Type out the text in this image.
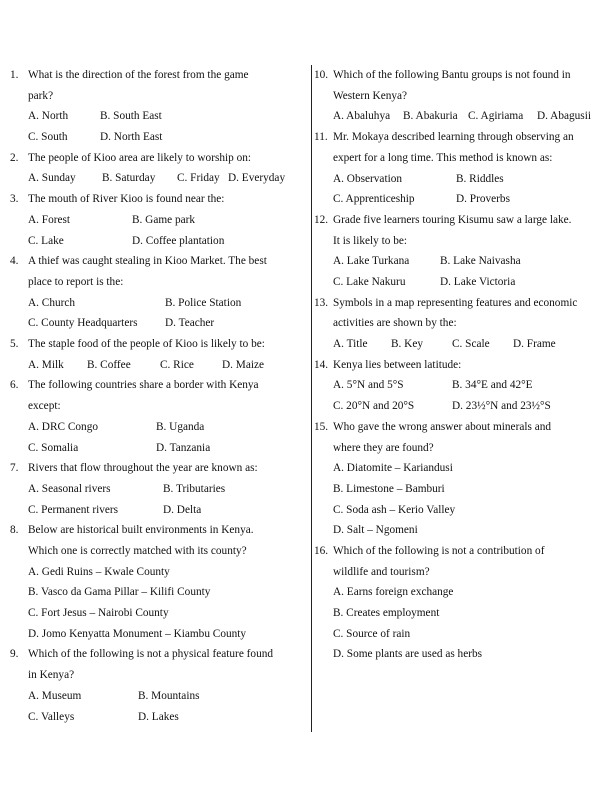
1. What is the direction of the forest from the game
park?
A. North	B. South East
C. South	D. North East
2. The people of Kioo area are likely to worship on:
A. Sunday B. Saturday C. Friday D. Everyday
3. The mouth of River Kioo is found near the:
A. Forest	B. Game park
C. Lake	D. Coffee plantation
4. A thief was caught stealing in Kioo Market. The best
place to report is the:
A. Church	B. Police Station
C. County Headquarters D. Teacher
5. The staple food of the people of Kioo is likely to be:
A. Milk B. Coffee	C. Rice D. Maize
6. The following countries share a border with Kenya
except:
A. DRC Congo	B. Uganda
C. Somalia	D. Tanzania
7. Rivers that flow throughout the year are known as:
A. Seasonal rivers	B. Tributaries
C. Permanent rivers	D. Delta
8. Below are historical built environments in Kenya.
Which one is correctly matched with its county?
A. Gedi Ruins – Kwale County
B. Vasco da Gama Pillar – Kilifi County
C. Fort Jesus – Nairobi County
D. Jomo Kenyatta Monument – Kiambu County
9. Which of the following is not a physical feature found
in Kenya?
A. Museum	B. Mountains
C. Valleys	D. Lakes
10. Which of the following Bantu groups is not found in
Western Kenya?
A. Abaluhya B. Abakuria C. Agiriama D. Abagusii
11. Mr. Mokaya described learning through observing an
expert for a long time. This method is known as:
A. Observation	B. Riddles
C. Apprenticeship	D. Proverbs
12. Grade five learners touring Kisumu saw a large lake.
It is likely to be:
A. Lake Turkana	B. Lake Naivasha
C. Lake Nakuru	D. Lake Victoria
13. Symbols in a map representing features and economic
activities are shown by the:
A. Title B. Key	C. Scale D. Frame
14. Kenya lies between latitude:
A. 5°N and 5°S	B. 34°E and 42°E
C. 20°N and 20°S	D. 23½°N and 23½°S
15. Who gave the wrong answer about minerals and
where they are found?
A. Diatomite – Kariandusi
B. Limestone – Bamburi
C. Soda ash – Kerio Valley
D. Salt – Ngomeni
16. Which of the following is not a contribution of
wildlife and tourism?
A. Earns foreign exchange
B. Creates employment
C. Source of rain
D. Some plants are used as herbs
